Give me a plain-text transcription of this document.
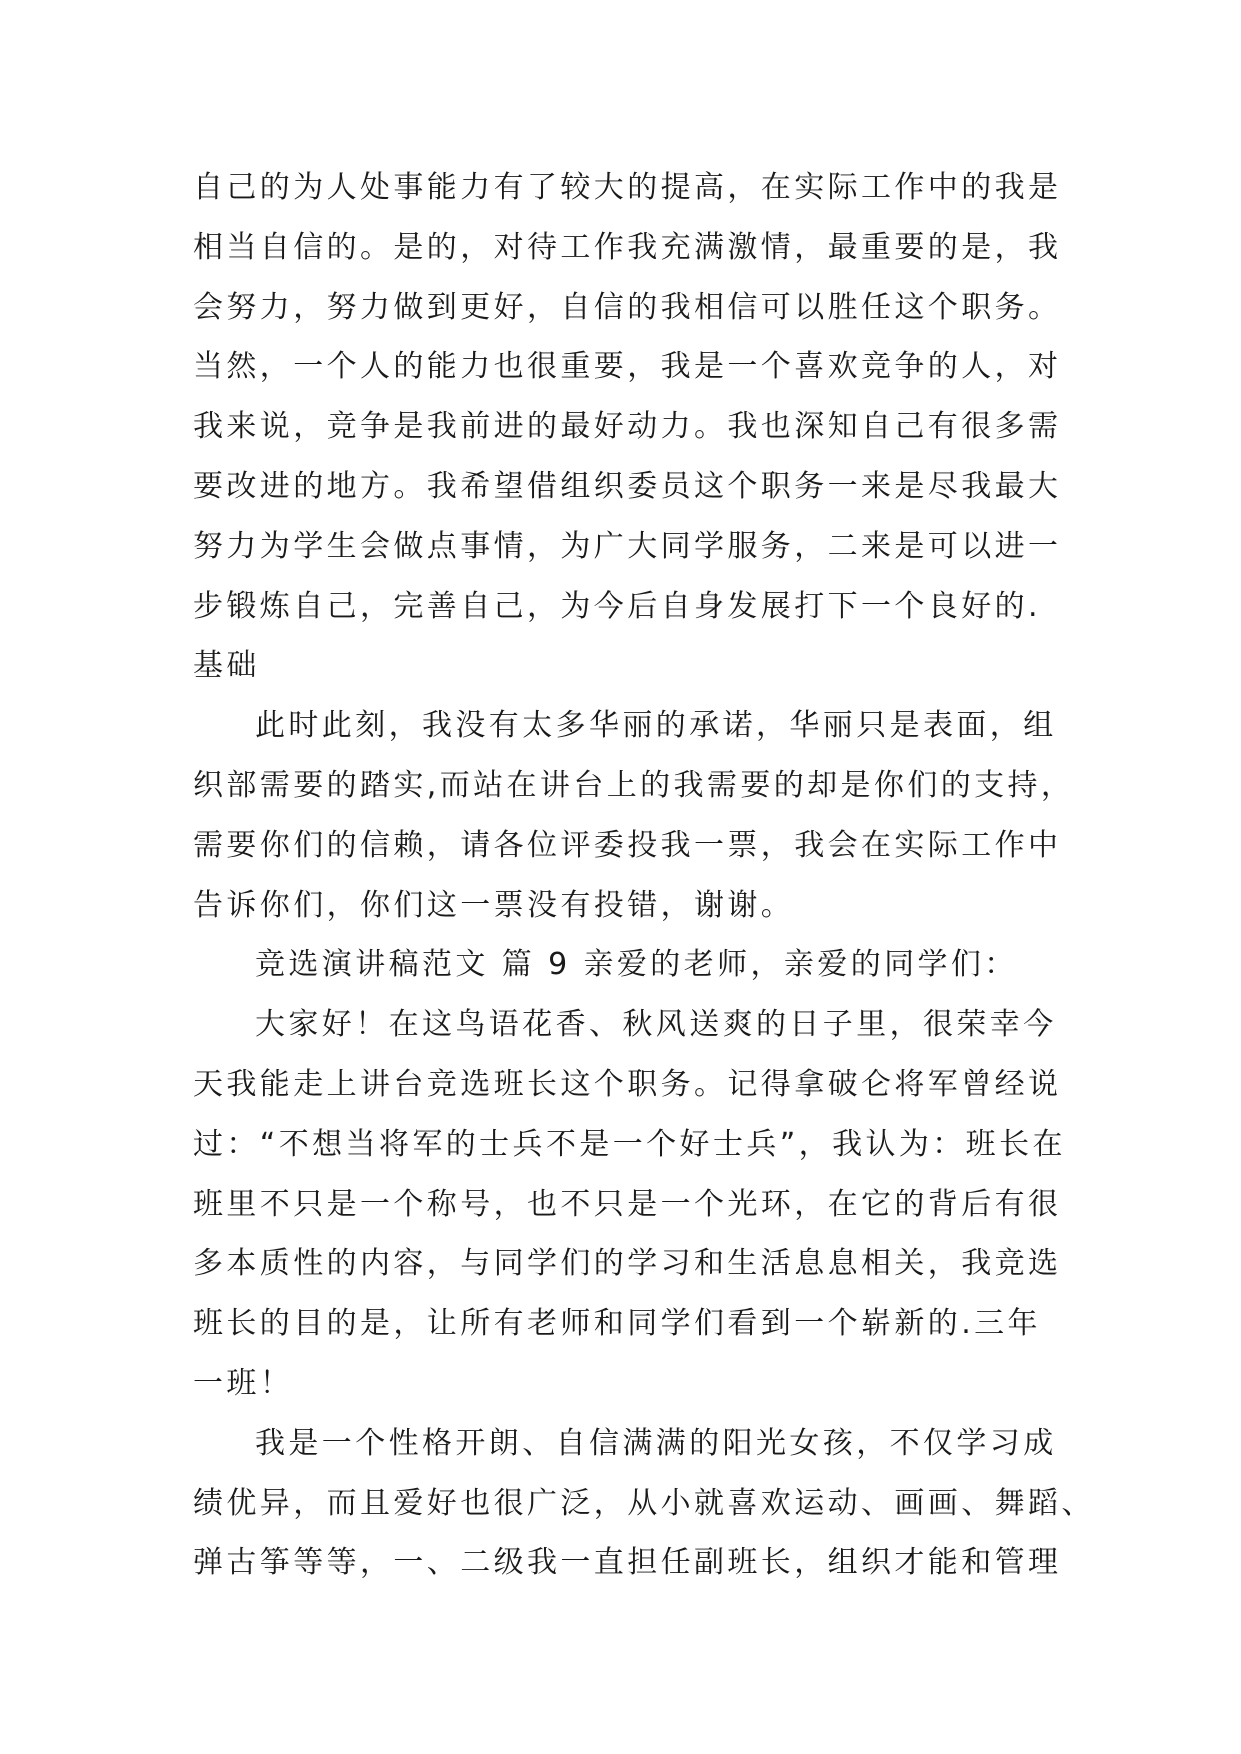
自己的为人处事能力有了较大的提高，在实际工作中的我是
相当自信的。是的，对待工作我充满激情，最重要的是，我
会努力，努力做到更好，自信的我相信可以胜任这个职务。
当然，一个人的能力也很重要，我是一个喜欢竞争的人，对
我来说，竞争是我前进的最好动力。我也深知自己有很多需
要改进的地方。我希望借组织委员这个职务一来是尽我最大
努力为学生会做点事情，为广大同学服务，二来是可以进一
步锻炼自己，完善自己，为今后自身发展打下一个良好的.
基础
此时此刻，我没有太多华丽的承诺，华丽只是表面，组
织部需要的踏实,而站在讲台上的我需要的却是你们的支持，
需要你们的信赖，请各位评委投我一票，我会在实际工作中
告诉你们，你们这一票没有投错，谢谢。
竞选演讲稿范文 篇 9 亲爱的老师，亲爱的同学们：
大家好！在这鸟语花香、秋风送爽的日子里，很荣幸今
天我能走上讲台竞选班长这个职务。记得拿破仑将军曾经说
过：“不想当将军的士兵不是一个好士兵”，我认为：班长在
班里不只是一个称号，也不只是一个光环，在它的背后有很
多本质性的内容，与同学们的学习和生活息息相关，我竞选
班长的目的是，让所有老师和同学们看到一个崭新的.三年
一班！
我是一个性格开朗、自信满满的阳光女孩，不仅学习成
绩优异，而且爱好也很广泛，从小就喜欢运动、画画、舞蹈、
弹古筝等等，一、二级我一直担任副班长，组织才能和管理
